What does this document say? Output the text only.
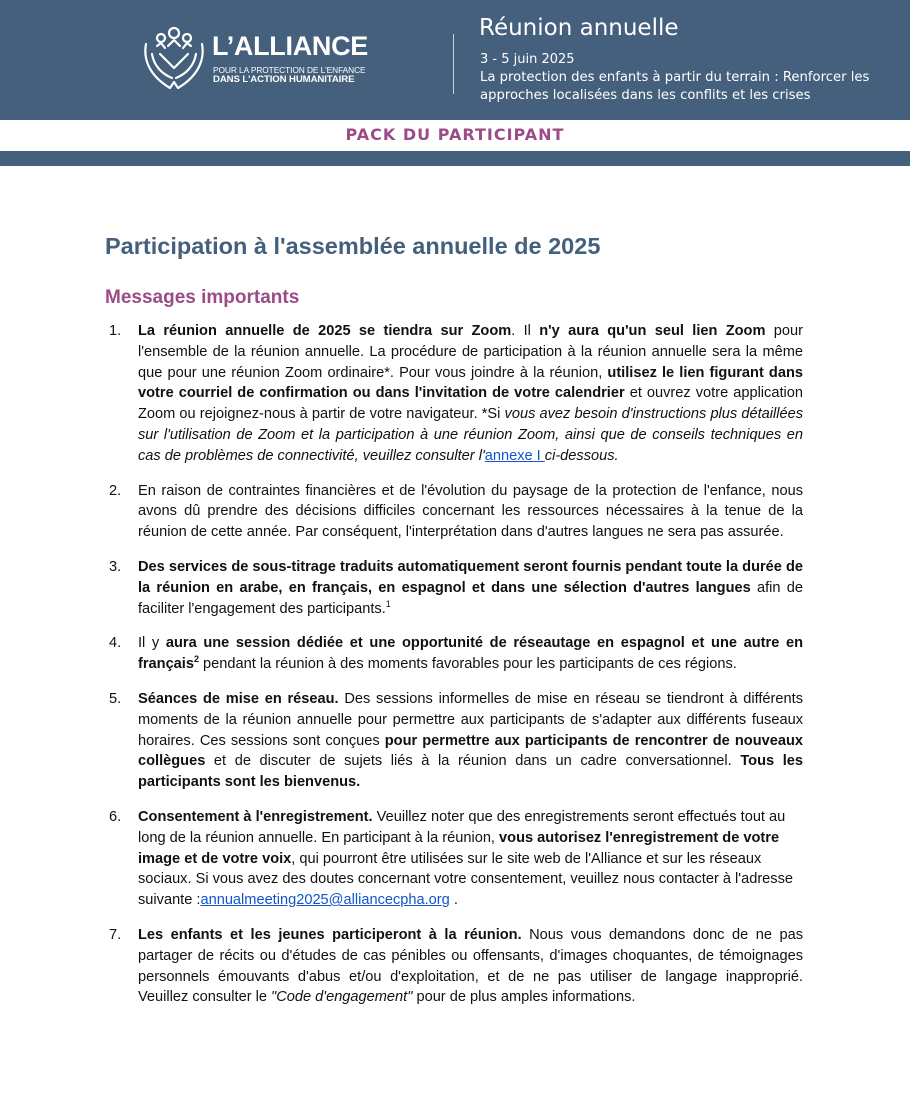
L’ALLIANCE
POUR LA PROTECTION DE L'ENFANCE
DANS L'ACTION HUMANITAIRE
Réunion annuelle
3 - 5 juin 2025
La protection des enfants à partir du terrain : Renforcer les approches localisées dans les conflits et les crises
PACK DU PARTICIPANT
Participation à l'assemblée annuelle de 2025
Messages importants
1. La réunion annuelle de 2025 se tiendra sur Zoom. Il n'y aura qu'un seul lien Zoom pour l'ensemble de la réunion annuelle. La procédure de participation à la réunion annuelle sera la même que pour une réunion Zoom ordinaire*. Pour vous joindre à la réunion, utilisez le lien figurant dans votre courriel de confirmation ou dans l'invitation de votre calendrier et ouvrez votre application Zoom ou rejoignez-nous à partir de votre navigateur. *Si vous avez besoin d'instructions plus détaillées sur l'utilisation de Zoom et la participation à une réunion Zoom, ainsi que de conseils techniques en cas de problèmes de connectivité, veuillez consulter l'annexe I ci-dessous.
2. En raison de contraintes financières et de l'évolution du paysage de la protection de l'enfance, nous avons dû prendre des décisions difficiles concernant les ressources nécessaires à la tenue de la réunion de cette année. Par conséquent, l'interprétation dans d'autres langues ne sera pas assurée.
3. Des services de sous-titrage traduits automatiquement seront fournis pendant toute la durée de la réunion en arabe, en français, en espagnol et dans une sélection d'autres langues afin de faciliter l'engagement des participants.$^1$
4. Il y aura une session dédiée et une opportunité de réseautage en espagnol et une autre en français$^2$ pendant la réunion à des moments favorables pour les participants de ces régions.
5. Séances de mise en réseau. Des sessions informelles de mise en réseau se tiendront à différents moments de la réunion annuelle pour permettre aux participants de s'adapter aux différents fuseaux horaires. Ces sessions sont conçues pour permettre aux participants de rencontrer de nouveaux collègues et de discuter de sujets liés à la réunion dans un cadre conversationnel. Tous les participants sont les bienvenus.
6. Consentement à l'enregistrement. Veuillez noter que des enregistrements seront effectués tout au long de la réunion annuelle. En participant à la réunion, vous autorisez l'enregistrement de votre image et de votre voix, qui pourront être utilisées sur le site web de l'Alliance et sur les réseaux sociaux. Si vous avez des doutes concernant votre consentement, veuillez nous contacter à l'adresse suivante :annualmeeting2025@alliancecpha.org .
7. Les enfants et les jeunes participeront à la réunion. Nous vous demandons donc de ne pas partager de récits ou d'études de cas pénibles ou offensants, d'images choquantes, de témoignages personnels émouvants d'abus et/ou d'exploitation, et de ne pas utiliser de langage inapproprié. Veuillez consulter le "Code d'engagement" pour de plus amples informations.
